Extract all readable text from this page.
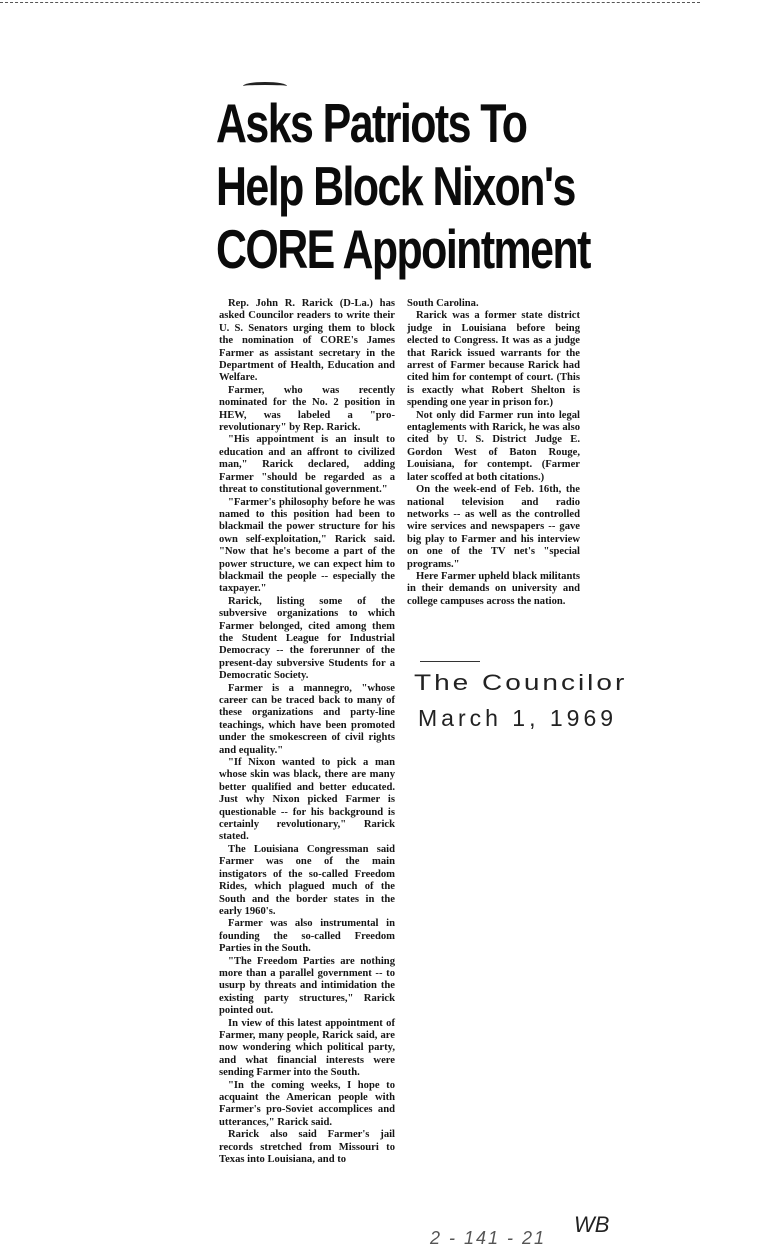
Asks Patriots To
Help Block Nixon's
CORE Appointment

Rep. John R. Rarick (D-La.) has asked Councilor readers to write their U. S. Senators urging them to block the nomination of CORE's James Farmer as assistant secretary in the Department of Health, Education and Welfare.

Farmer, who was recently nominated for the No. 2 position in HEW, was labeled a "pro-revolutionary" by Rep. Rarick.

"His appointment is an insult to education and an affront to civilized man," Rarick declared, adding Farmer "should be regarded as a threat to constitutional government."

"Farmer's philosophy before he was named to this position had been to blackmail the power structure for his own self-exploitation," Rarick said. "Now that he's become a part of the power structure, we can expect him to blackmail the people -- especially the taxpayer."

Rarick, listing some of the subversive organizations to which Farmer belonged, cited among them the Student League for Industrial Democracy -- the forerunner of the present-day subversive Students for a Democratic Society.

Farmer is a mannegro, "whose career can be traced back to many of these organizations and party-line teachings, which have been promoted under the smokescreen of civil rights and equality."

"If Nixon wanted to pick a man whose skin was black, there are many better qualified and better educated. Just why Nixon picked Farmer is questionable -- for his background is certainly revolutionary," Rarick stated.

The Louisiana Congressman said Farmer was one of the main instigators of the so-called Freedom Rides, which plagued much of the South and the border states in the early 1960's.

Farmer was also instrumental in founding the so-called Freedom Parties in the South.

"The Freedom Parties are nothing more than a parallel government -- to usurp by threats and intimidation the existing party structures," Rarick pointed out.

In view of this latest appointment of Farmer, many people, Rarick said, are now wondering which political party, and what financial interests were sending Farmer into the South.

"In the coming weeks, I hope to acquaint the American people with Farmer's pro-Soviet accomplices and utterances," Rarick said.

Rarick also said Farmer's jail records stretched from Missouri to Texas into Louisiana, and to

South Carolina.

Rarick was a former state district judge in Louisiana before being elected to Congress. It was as a judge that Rarick issued warrants for the arrest of Farmer because Rarick had cited him for contempt of court. (This is exactly what Robert Shelton is spending one year in prison for.)

Not only did Farmer run into legal entaglements with Rarick, he was also cited by U. S. District Judge E. Gordon West of Baton Rouge, Louisiana, for contempt. (Farmer later scoffed at both citations.)

On the week-end of Feb. 16th, the national television and radio networks -- as well as the controlled wire services and newspapers -- gave big play to Farmer and his interview on one of the TV net's "special programs."

Here Farmer upheld black militants in their demands on university and college campuses across the nation.

The Councilor
March 1, 1969
WB
2 - 141 - 21
